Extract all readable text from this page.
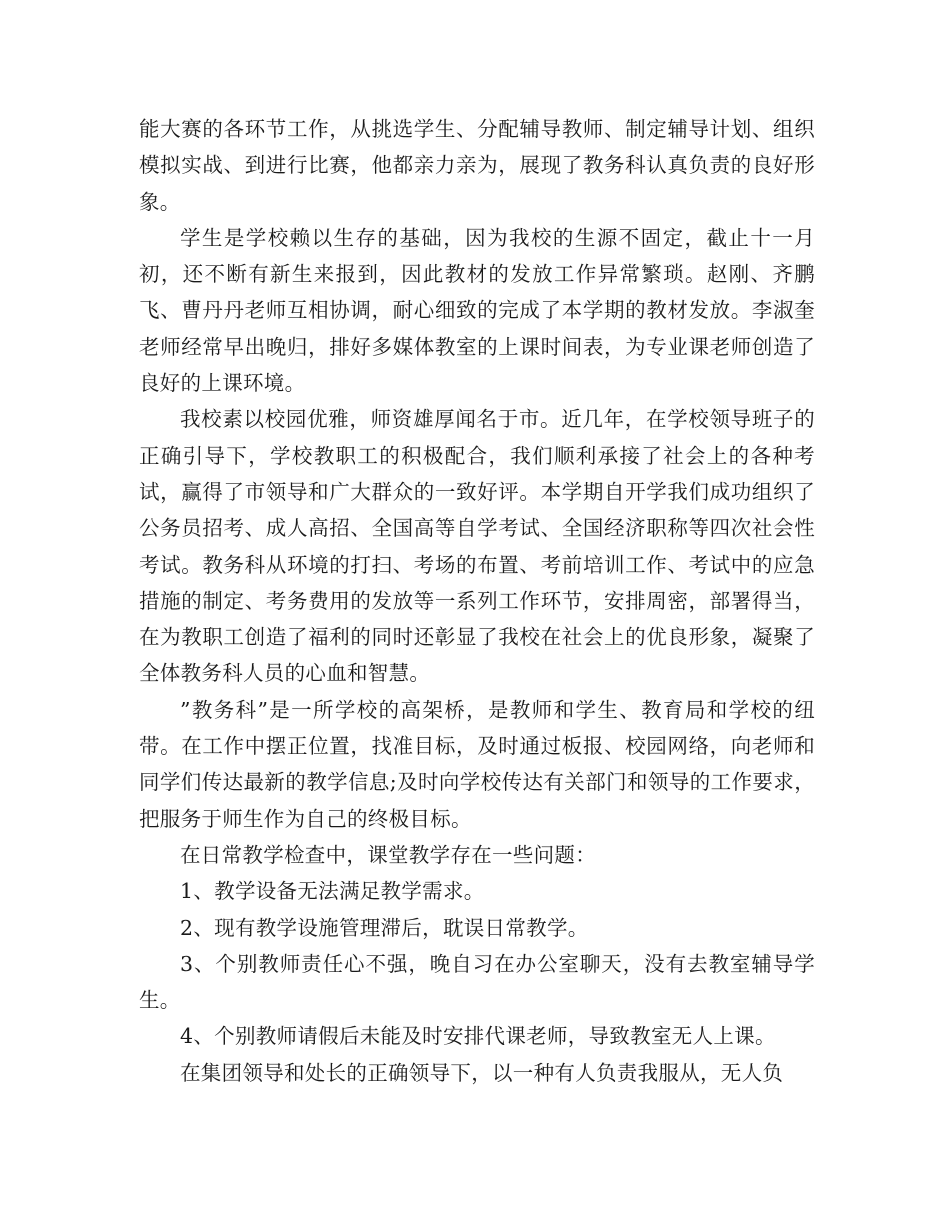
能大赛的各环节工作，从挑选学生、分配辅导教师、制定辅导计划、组织模拟实战、到进行比赛，他都亲力亲为，展现了教务科认真负责的良好形象。

学生是学校赖以生存的基础，因为我校的生源不固定，截止十一月初，还不断有新生来报到，因此教材的发放工作异常繁琐。赵刚、齐鹏飞、曹丹丹老师互相协调，耐心细致的完成了本学期的教材发放。李淑奎老师经常早出晚归，排好多媒体教室的上课时间表，为专业课老师创造了良好的上课环境。

我校素以校园优雅，师资雄厚闻名于市。近几年，在学校领导班子的正确引导下，学校教职工的积极配合，我们顺利承接了社会上的各种考试，赢得了市领导和广大群众的一致好评。本学期自开学我们成功组织了公务员招考、成人高招、全国高等自学考试、全国经济职称等四次社会性考试。教务科从环境的打扫、考场的布置、考前培训工作、考试中的应急措施的制定、考务费用的发放等一系列工作环节，安排周密，部署得当，在为教职工创造了福利的同时还彰显了我校在社会上的优良形象，凝聚了全体教务科人员的心血和智慧。

”教务科”是一所学校的高架桥，是教师和学生、教育局和学校的纽带。在工作中摆正位置，找准目标，及时通过板报、校园网络，向老师和同学们传达最新的教学信息;及时向学校传达有关部门和领导的工作要求，把服务于师生作为自己的终极目标。

在日常教学检查中，课堂教学存在一些问题：

1、教学设备无法满足教学需求。

2、现有教学设施管理滞后，耽误日常教学。

3、个别教师责任心不强，晚自习在办公室聊天，没有去教室辅导学生。

4、个别教师请假后未能及时安排代课老师，导致教室无人上课。

在集团领导和处长的正确领导下，以一种有人负责我服从，无人负
